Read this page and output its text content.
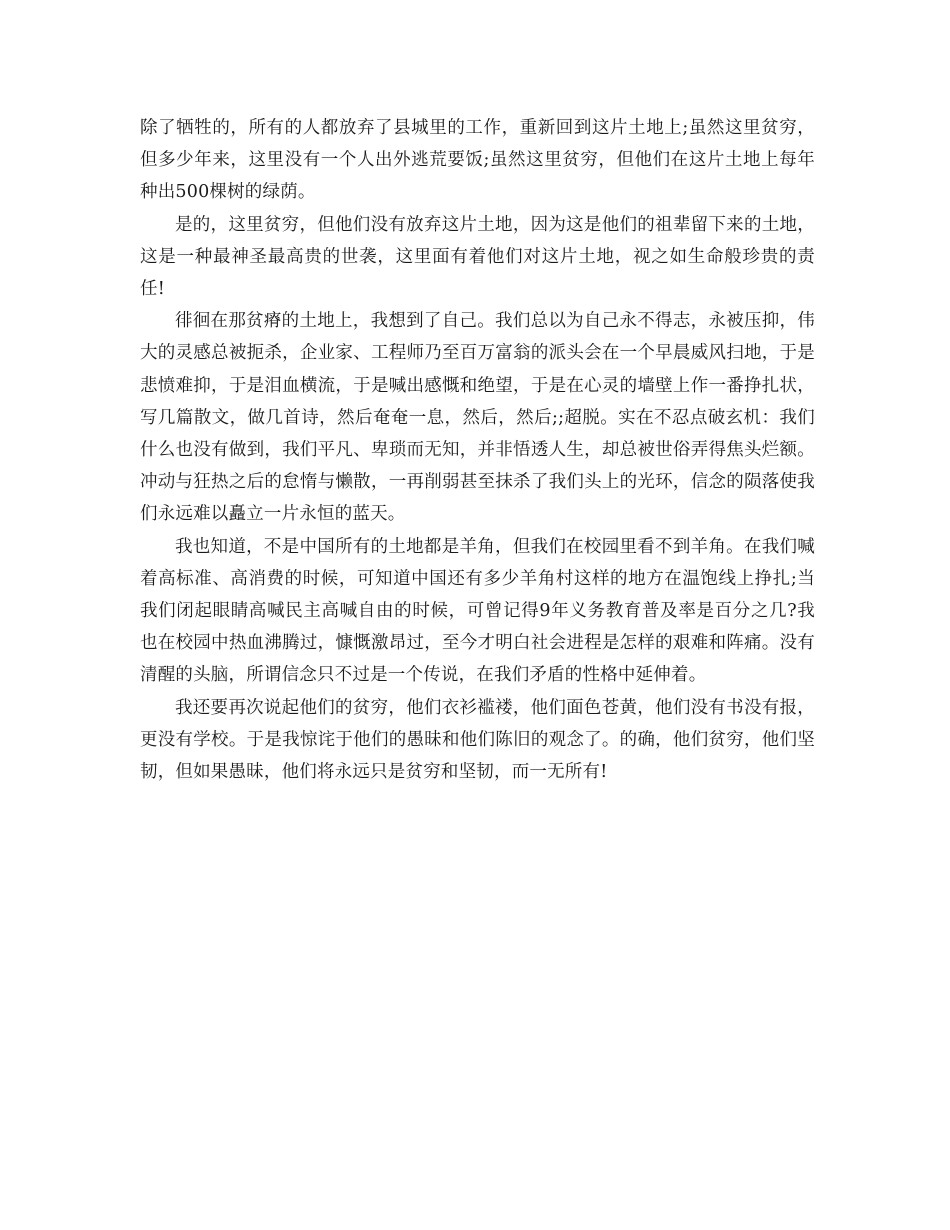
除了牺牲的，所有的人都放弃了县城里的工作，重新回到这片土地上;虽然这里贫穷，但多少年来，这里没有一个人出外逃荒要饭;虽然这里贫穷，但他们在这片土地上每年种出500棵树的绿荫。

是的，这里贫穷，但他们没有放弃这片土地，因为这是他们的祖辈留下来的土地，这是一种最神圣最高贵的世袭，这里面有着他们对这片土地，视之如生命般珍贵的责任!

徘徊在那贫瘠的土地上，我想到了自己。我们总以为自己永不得志，永被压抑，伟大的灵感总被扼杀，企业家、工程师乃至百万富翁的派头会在一个早晨威风扫地，于是悲愤难抑，于是泪血横流，于是喊出感慨和绝望，于是在心灵的墙壁上作一番挣扎状，写几篇散文，做几首诗，然后奄奄一息，然后，然后;;超脱。实在不忍点破玄机：我们什么也没有做到，我们平凡、卑琐而无知，并非悟透人生，却总被世俗弄得焦头烂额。冲动与狂热之后的怠惰与懒散，一再削弱甚至抹杀了我们头上的光环，信念的陨落使我们永远难以矗立一片永恒的蓝天。

我也知道，不是中国所有的土地都是羊角，但我们在校园里看不到羊角。在我们喊着高标准、高消费的时候，可知道中国还有多少羊角村这样的地方在温饱线上挣扎;当我们闭起眼睛高喊民主高喊自由的时候，可曾记得9年义务教育普及率是百分之几?我也在校园中热血沸腾过，慷慨激昂过，至今才明白社会进程是怎样的艰难和阵痛。没有清醒的头脑，所谓信念只不过是一个传说，在我们矛盾的性格中延伸着。

我还要再次说起他们的贫穷，他们衣衫褴褛，他们面色苍黄，他们没有书没有报，更没有学校。于是我惊诧于他们的愚昧和他们陈旧的观念了。的确，他们贫穷，他们坚韧，但如果愚昧，他们将永远只是贫穷和坚韧，而一无所有!
